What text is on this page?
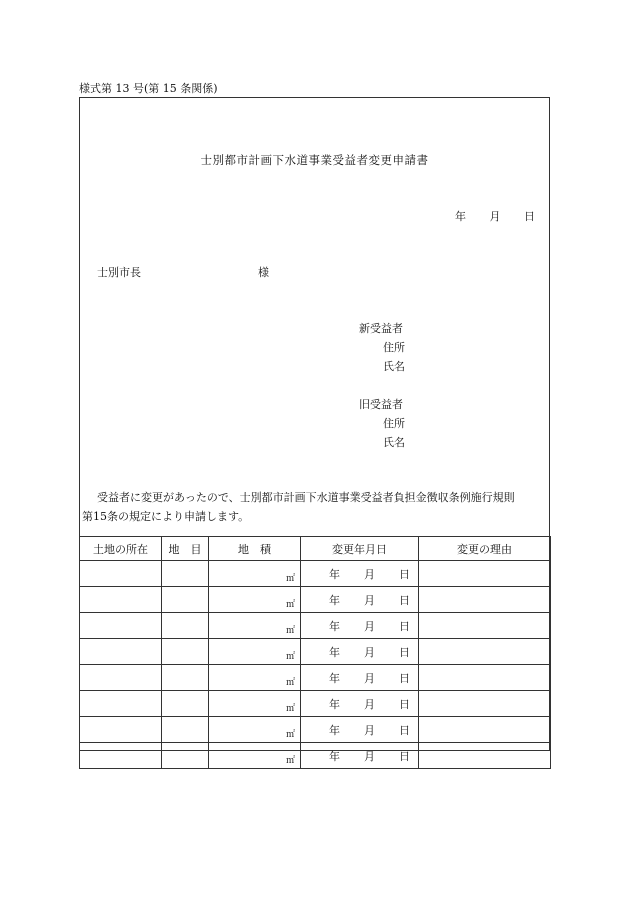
様式第 13 号(第 15 条関係)
士別都市計画下水道事業受益者変更申請書
年 月 日
士別市長	様
新受益者
住所
氏名
旧受益者
住所
氏名
受益者に変更があったので、士別都市計画下水道事業受益者負担金徴収条例施行規則
第15条の規定により申請します。
土地の所在	地　目	地　積	変更年月日	変更の理由
		㎡	年 月 日	

		㎡	年 月 日	

		㎡	年 月 日	

		㎡	年 月 日	

		㎡	年 月 日	

		㎡	年 月 日	

		㎡	年 月 日	

		㎡	年 月 日	
